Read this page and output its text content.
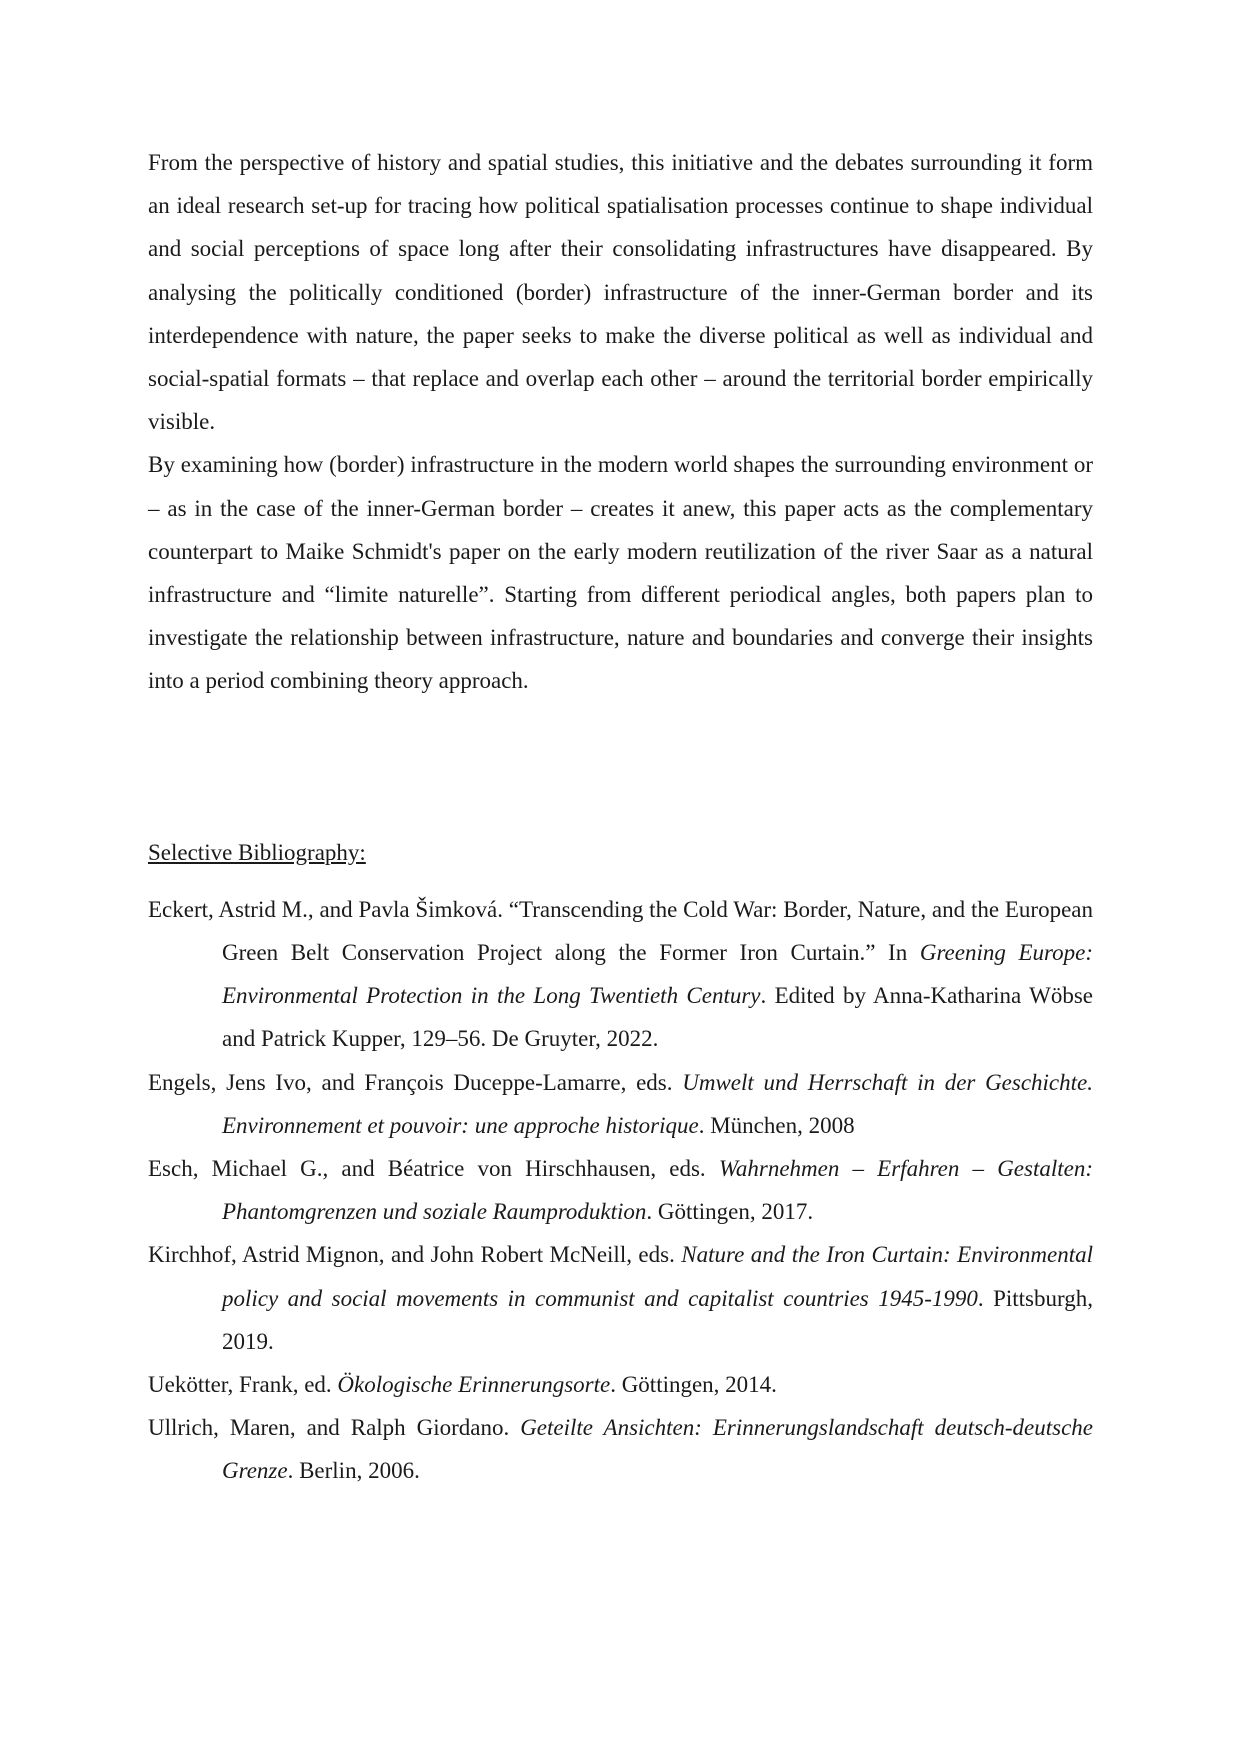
From the perspective of history and spatial studies, this initiative and the debates surrounding it form an ideal research set-up for tracing how political spatialisation processes continue to shape individual and social perceptions of space long after their consolidating infrastructures have disappeared. By analysing the politically conditioned (border) infrastructure of the inner-German border and its interdependence with nature, the paper seeks to make the diverse political as well as individual and social-spatial formats – that replace and overlap each other – around the territorial border empirically visible.

By examining how (border) infrastructure in the modern world shapes the surrounding environment or – as in the case of the inner-German border – creates it anew, this paper acts as the complementary counterpart to Maike Schmidt's paper on the early modern reutilization of the river Saar as a natural infrastructure and “limite naturelle”. Starting from different periodical angles, both papers plan to investigate the relationship between infrastructure, nature and boundaries and converge their insights into a period combining theory approach.

Selective Bibliography:

Eckert, Astrid M., and Pavla Šimková. “Transcending the Cold War: Border, Nature, and the European Green Belt Conservation Project along the Former Iron Curtain.” In Greening Europe: Environmental Protection in the Long Twentieth Century. Edited by Anna-Katharina Wöbse and Patrick Kupper, 129–56. De Gruyter, 2022.

Engels, Jens Ivo, and François Duceppe-Lamarre, eds. Umwelt und Herrschaft in der Geschichte. Environnement et pouvoir: une approche historique. München, 2008

Esch, Michael G., and Béatrice von Hirschhausen, eds. Wahrnehmen – Erfahren – Gestalten: Phantomgrenzen und soziale Raumproduktion. Göttingen, 2017.

Kirchhof, Astrid Mignon, and John Robert McNeill, eds. Nature and the Iron Curtain: Environmental policy and social movements in communist and capitalist countries 1945-1990. Pittsburgh, 2019.

Uekötter, Frank, ed. Ökologische Erinnerungsorte. Göttingen, 2014.

Ullrich, Maren, and Ralph Giordano. Geteilte Ansichten: Erinnerungslandschaft deutsch-deutsche Grenze. Berlin, 2006.
